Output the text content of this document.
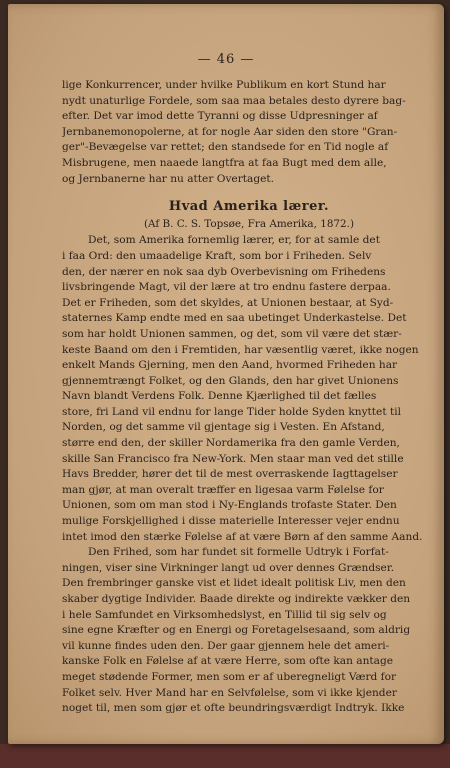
— 46 —
lige Konkurrencer, under hvilke Publikum en kort Stund har
nydt unaturlige Fordele, som saa maa betales desto dyrere bag-
efter. Det var imod dette Tyranni og disse Udpresninger af
Jernbanemonopolerne, at for nogle Aar siden den store "Gran-
ger"-Bevægelse var rettet; den standsede for en Tid nogle af
Misbrugene, men naaede langtfra at faa Bugt med dem alle,
og Jernbanerne har nu atter Overtaget.
Hvad Amerika lærer.
(Af B. C. S. Topsøe, Fra Amerika, 1872.)
Det, som Amerika fornemlig lærer, er, for at samle det
i faa Ord: den umaadelige Kraft, som bor i Friheden. Selv
den, der nærer en nok saa dyb Overbevisning om Frihedens
livsbringende Magt, vil der lære at tro endnu fastere derpaa.
Det er Friheden, som det skyldes, at Unionen bestaar, at Syd-
staternes Kamp endte med en saa ubetinget Underkastelse. Det
som har holdt Unionen sammen, og det, som vil være det stær-
keste Baand om den i Fremtiden, har væsentlig været, ikke nogen
enkelt Mands Gjerning, men den Aand, hvormed Friheden har
gjennemtrængt Folket, og den Glands, den har givet Unionens
Navn blandt Verdens Folk. Denne Kjærlighed til det fælles
store, fri Land vil endnu for lange Tider holde Syden knyttet til
Norden, og det samme vil gjentage sig i Vesten. En Afstand,
større end den, der skiller Nordamerika fra den gamle Verden,
skille San Francisco fra New-York. Men staar man ved det stille
Havs Bredder, hører det til de mest overraskende Iagttagelser
man gjør, at man overalt træffer en ligesaa varm Følelse for
Unionen, som om man stod i Ny-Englands trofaste Stater. Den
mulige Forskjellighed i disse materielle Interesser vejer endnu
intet imod den stærke Følelse af at være Børn af den samme Aand.
Den Frihed, som har fundet sit formelle Udtryk i Forfat-
ningen, viser sine Virkninger langt ud over dennes Grændser.
Den frembringer ganske vist et lidet idealt politisk Liv, men den
skaber dygtige Individer. Baade direkte og indirekte vækker den
i hele Samfundet en Virksomhedslyst, en Tillid til sig selv og
sine egne Kræfter og en Energi og Foretagelsesaand, som aldrig
vil kunne findes uden den. Der gaar gjennem hele det ameri-
kanske Folk en Følelse af at være Herre, som ofte kan antage
meget stødende Former, men som er af uberegneligt Værd for
Folket selv. Hver Mand har en Selvfølelse, som vi ikke kjender
noget til, men som gjør et ofte beundringsværdigt Indtryk. Ikke
